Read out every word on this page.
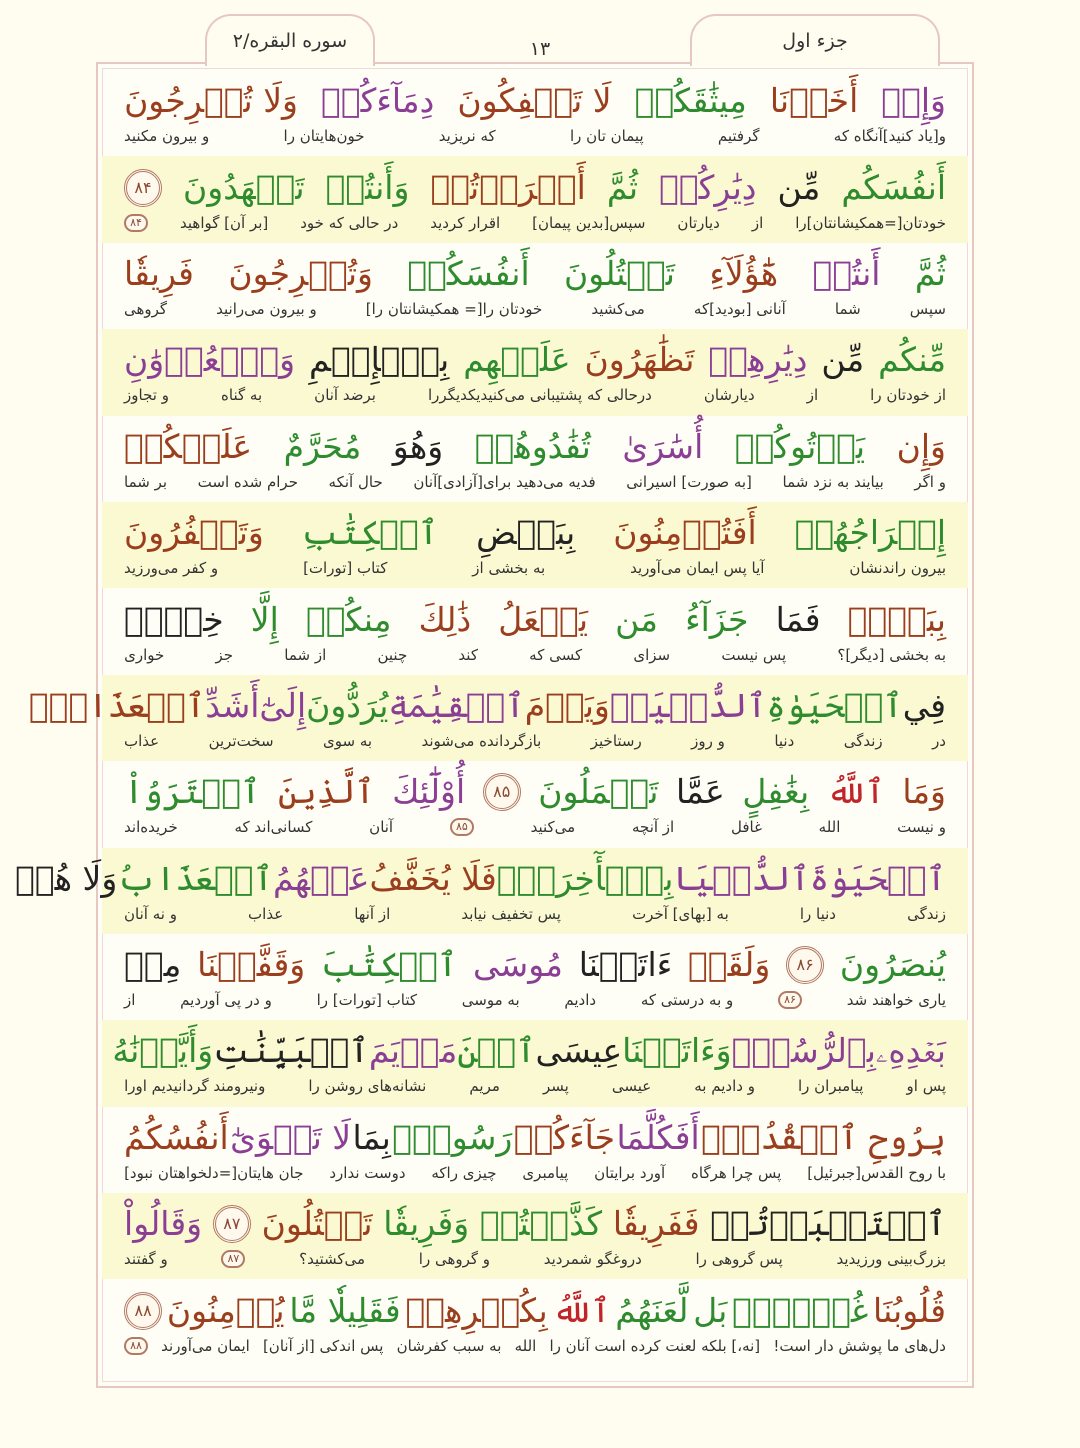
جزء اول
سوره البقره/۲	۱۳
وَإِذۡ
أَخَذۡنَا
مِيثَٰقَكُمۡ
لَا تَسۡفِكُونَ
دِمَآءَكُمۡ
وَلَا تُخۡرِجُونَ
و[یاد کنید]آنگاه که
گرفتیم
پیمان تان را
که نریزید
خون‌هایتان را
و بیرون مکنید
أَنفُسَكُم
مِّن
دِيَٰرِكُمۡ
ثُمَّ
أَقۡرَرۡتُمۡ
وَأَنتُمۡ
تَشۡهَدُونَ
۸۴
خودتان[=همکیشانتان]را
از
دیارتان
سپس[بدین پیمان]
اقرار کردید
در حالی که خود
[بر آن] گواهید
۸۴
ثُمَّ
أَنتُمۡ
هَٰٓؤُلَآءِ
تَقۡتُلُونَ
أَنفُسَكُمۡ
وَتُخۡرِجُونَ
فَرِيقٗا
سپس
شما
آنانی [بودید]که
می‌کشید
خودتان را[= همکیشانتان را]
و بیرون می‌رانید
گروهی
مِّنكُم
مِّن
دِيَٰرِهِمۡ
تَظَٰهَرُونَ
عَلَيۡهِم
بِٱلۡإِثۡمِ
وَٱلۡعُدۡوَٰنِ
از خودتان را
از
دیارشان
درحالی که پشتیبانی می‌کنیدیکدیگررا
برضد آنان
به گناه
و تجاوز
وَإِن
يَأۡتُوكُمۡ
أُسَٰرَىٰ
تُفَٰدُوهُمۡ
وَهُوَ
مُحَرَّمٌ
عَلَيۡكُمۡ
و اگر
بیایند به نزد شما
[به صورت] اسیرانی
فدیه می‌دهید برای[آزادی]آنان
حال آنکه
حرام شده است
بر شما
إِخۡرَاجُهُمۡ
أَفَتُؤۡمِنُونَ
بِبَعۡضِ
ٱلۡكِتَٰبِ
وَتَكۡفُرُونَ
بیرون راندنشان
آیا پس ایمان می‌آورید
به بخشی از
کتاب [تورات]
و کفر می‌ورزید
بِبَعۡضٖ
فَمَا
جَزَآءُ
مَن
يَفۡعَلُ
ذَٰلِكَ
مِنكُمۡ
إِلَّا
خِزۡيٞ
به بخشی [دیگر]؟
پس نیست
سزای
کسی که
کند
چنین
از شما
جز
خواری
فِي
ٱلۡحَيَوٰةِ
ٱلدُّنۡيَاۖ
وَيَوۡمَ
ٱلۡقِيَٰمَةِ
يُرَدُّونَ
إِلَىٰٓ
أَشَدِّ
ٱلۡعَذَابِۗ
در
زندگی
دنیا
و روز
رستاخیز
بازگردانده می‌شوند
به سوی
سخت‌ترین
عذاب
وَمَا
ٱللَّهُ
بِغَٰفِلٍ
عَمَّا
تَعۡمَلُونَ
۸۵
أُوْلَٰٓئِكَ
ٱلَّذِينَ
ٱشۡتَرَوُاْ
و نیست
الله
غافل
از آنچه
می‌کنید
۸۵
آنان
کسانی‌اند که
خریده‌اند
ٱلۡحَيَوٰةَ
ٱلدُّنۡيَا
بِٱلۡأٓخِرَةِۖ
فَلَا يُخَفَّفُ
عَنۡهُمُ
ٱلۡعَذَابُ
وَلَا هُمۡ
زندگی
دنیا را
به [بهای] آخرت
پس تخفیف نیابد
از آنها
عذاب
و نه آنان
يُنصَرُونَ
۸۶
وَلَقَدۡ
ءَاتَيۡنَا
مُوسَى
ٱلۡكِتَٰبَ
وَقَفَّيۡنَا
مِنۢ
یاری خواهند شد
۸۶
و به درستی که
دادیم
به موسی
کتاب [تورات] را
و در پی آوردیم
از
بَعۡدِهِۦ
بِٱلرُّسُلِۖ
وَءَاتَيۡنَا
عِيسَى
ٱبۡنَ
مَرۡيَمَ
ٱلۡبَيِّنَٰتِ
وَأَيَّدۡنَٰهُ
پس او
پیامبران را
و دادیم به
عیسی
پسر
مریم
نشانه‌های روشن را
ونیرومند گردانیدیم اورا
بِرُوحِ ٱلۡقُدُسِۗ
أَفَكُلَّمَا
جَآءَكُمۡ
رَسُولُۢ
بِمَا
لَا تَهۡوَىٰٓ
أَنفُسُكُمُ
با روح القدس[جبرئیل]
پس چرا هرگاه
آورد برایتان
پیامبری
چیزی راکه
دوست ندارد
جان هایتان[=دلخواهتان نبود]
ٱسۡتَكۡبَرۡتُمۡ
فَفَرِيقٗا
كَذَّبۡتُمۡ
وَفَرِيقٗا
تَقۡتُلُونَ
۸۷
وَقَالُواْ
بزرگ‌بینی ورزیدید
پس گروهی را
دروغگو شمردید
و گروهی را
می‌کشتید؟
۸۷
و گفتند
قُلُوبُنَا
غُلۡفُۢۚ
بَل
لَّعَنَهُمُ
ٱللَّهُ
بِكُفۡرِهِمۡ
فَقَلِيلٗا مَّا
يُؤۡمِنُونَ
۸۸
دل‌های ما پوشش دار است!
[نه،] بلکه لعنت کرده است آنان را
الله
به سبب کفرشان
پس اندکی [از آنان]
ایمان می‌آورند
۸۸
